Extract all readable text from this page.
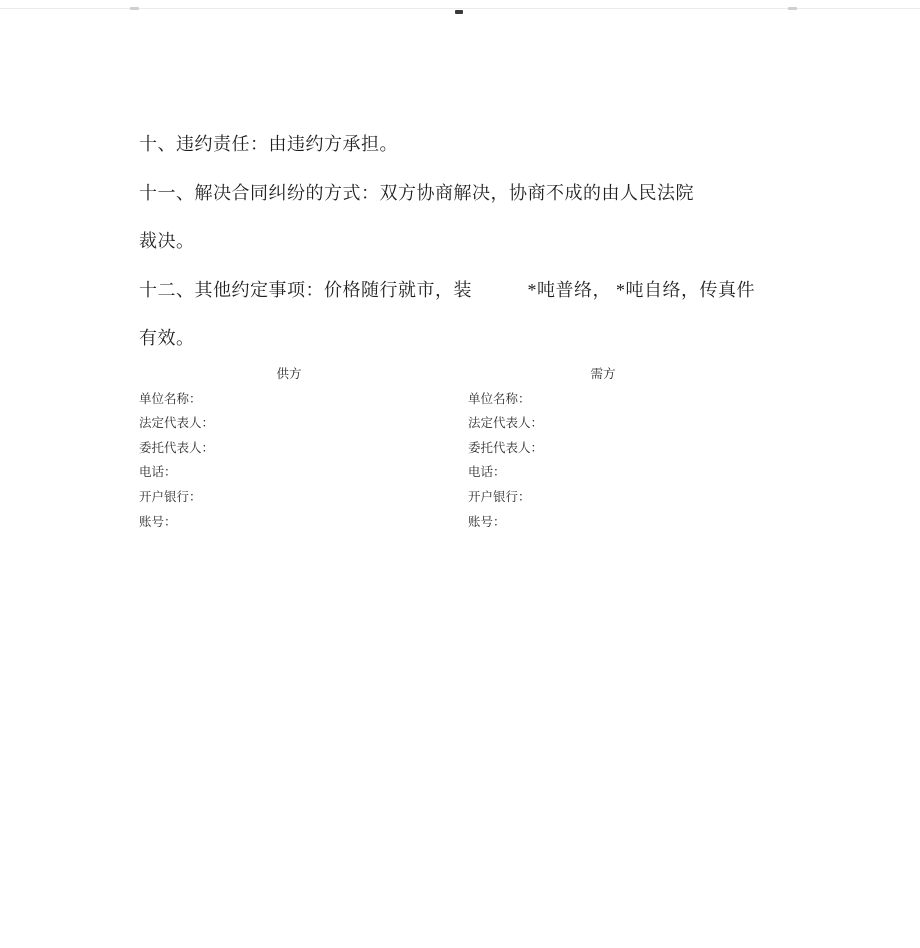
十、违约责任：由违约方承担。
十一、解决合同纠纷的方式：双方协商解决，协商不成的由人民法院
裁决。
十二、其他约定事项：价格随行就市，装　　　*吨普络， *吨自络，传真件
有效。
供方
单位名称：
法定代表人：
委托代表人：
电话：
开户银行：
账号：
需方
单位名称：
法定代表人：
委托代表人：
电话：
开户银行：
账号：
